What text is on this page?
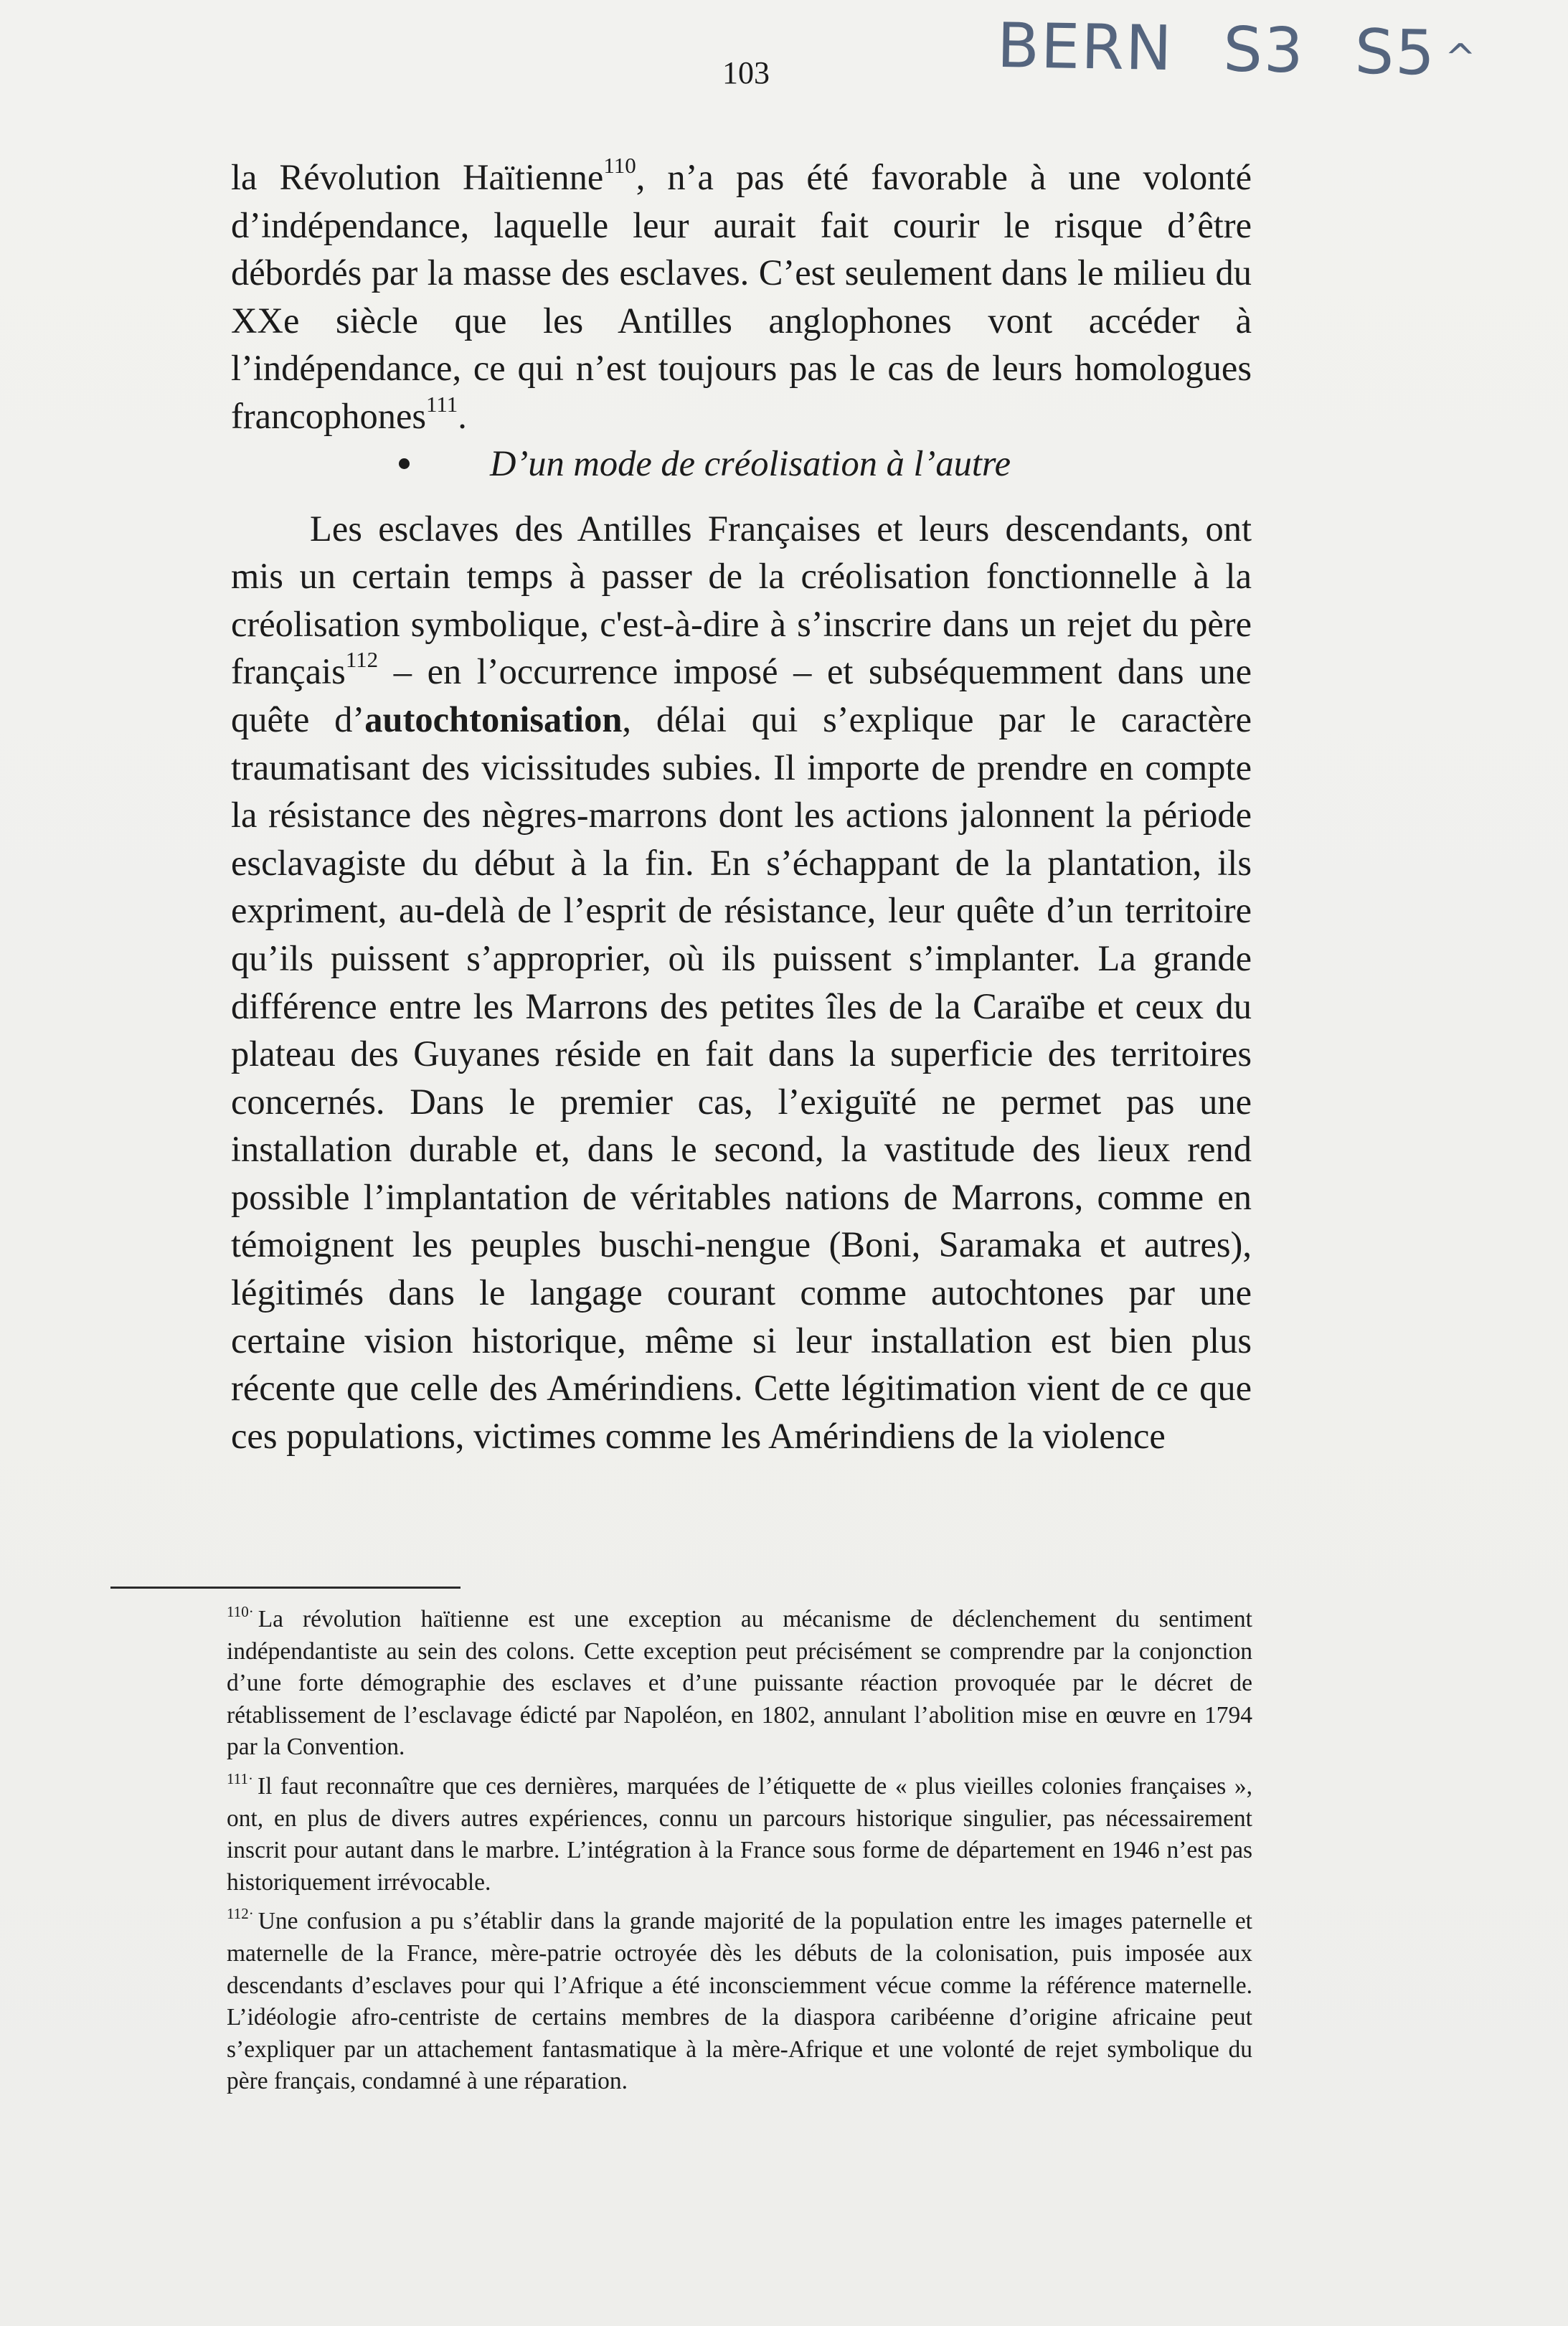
BERN S3 S5 ^
103

la Révolution Haïtienne$^{110}$, n’a pas été favorable à une volonté d’indépendance, laquelle leur aurait fait courir le risque d’être débordés par la masse des esclaves. C’est seulement dans le milieu du XXe siècle que les Antilles anglophones vont accéder à l’indépendance, ce qui n’est toujours pas le cas de leurs homologues francophones$^{111}$.

D’un mode de créolisation à l’autre

Les esclaves des Antilles Françaises et leurs descendants, ont mis un certain temps à passer de la créolisation fonctionnelle à la créolisation symbolique, c'est-à-dire à s’inscrire dans un rejet du père français$^{112}$ – en l’occurrence imposé – et subséquemment dans une quête d’autochtonisation, délai qui s’explique par le caractère traumatisant des vicissitudes subies. Il importe de prendre en compte la résistance des nègres-marrons dont les actions jalonnent la période esclavagiste du début à la fin. En s’échappant de la plantation, ils expriment, au-delà de l’esprit de résistance, leur quête d’un territoire qu’ils puissent s’approprier, où ils puissent s’implanter. La grande différence entre les Marrons des petites îles de la Caraïbe et ceux du plateau des Guyanes réside en fait dans la superficie des territoires concernés. Dans le premier cas, l’exiguïté ne permet pas une installation durable et, dans le second, la vastitude des lieux rend possible l’implantation de véritables nations de Marrons, comme en témoignent les peuples buschi-nengue (Boni, Saramaka et autres), légitimés dans le langage courant comme autochtones par une certaine vision historique, même si leur installation est bien plus récente que celle des Amérindiens. Cette légitimation vient de ce que ces populations, victimes comme les Amérindiens de la violence

$^{110\cdot}$ La révolution haïtienne est une exception au mécanisme de déclenchement du sentiment indépendantiste au sein des colons. Cette exception peut précisément se comprendre par la conjonction d’une forte démographie des esclaves et d’une puissante réaction provoquée par le décret de rétablissement de l’esclavage édicté par Napoléon, en 1802, annulant l’abolition mise en œuvre en 1794 par la Convention.

$^{111\cdot}$ Il faut reconnaître que ces dernières, marquées de l’étiquette de « plus vieilles colonies françaises », ont, en plus de divers autres expériences, connu un parcours historique singulier, pas nécessairement inscrit pour autant dans le marbre. L’intégration à la France sous forme de département en 1946 n’est pas historiquement irrévocable.

$^{112\cdot}$ Une confusion a pu s’établir dans la grande majorité de la population entre les images paternelle et maternelle de la France, mère-patrie octroyée dès les débuts de la colonisation, puis imposée aux descendants d’esclaves pour qui l’Afrique a été inconsciemment vécue comme la référence maternelle. L’idéologie afro-centriste de certains membres de la diaspora caribéenne d’origine africaine peut s’expliquer par un attachement fantasmatique à la mère-Afrique et une volonté de rejet symbolique du père français, condamné à une réparation.
